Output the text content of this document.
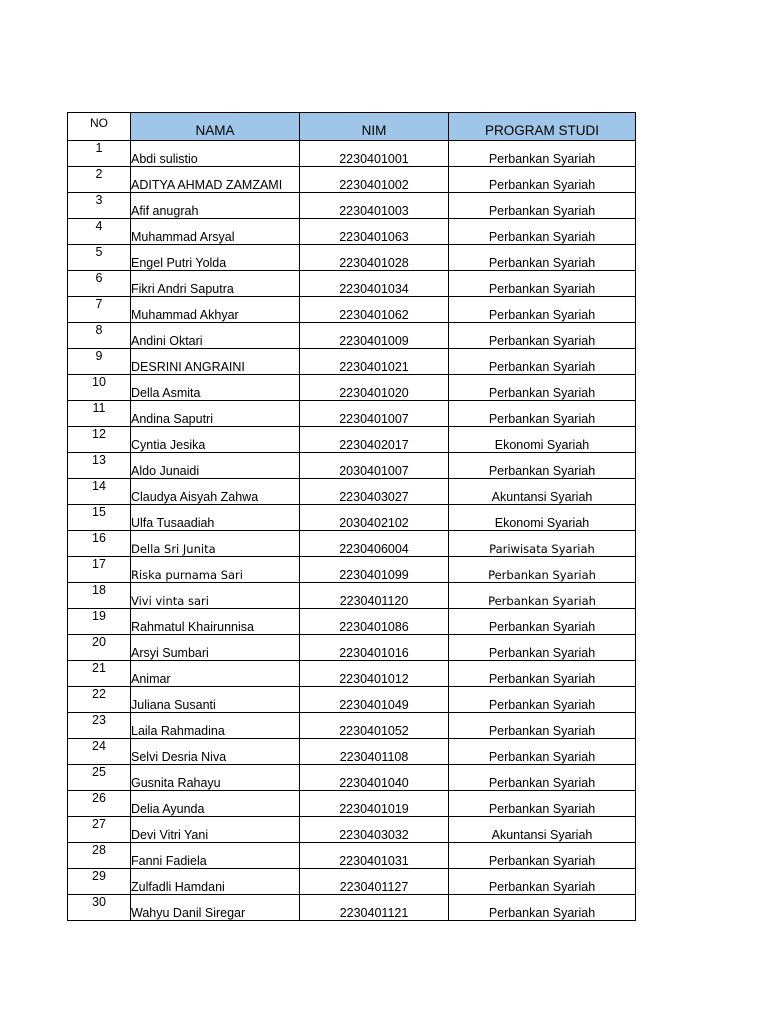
NO	NAMA	NIM	PROGRAM STUDI
1	Abdi sulistio	2230401001	Perbankan Syariah
2	ADITYA AHMAD ZAMZAMI	2230401002	Perbankan Syariah
3	Afif anugrah	2230401003	Perbankan Syariah
4	Muhammad Arsyal	2230401063	Perbankan Syariah
5	Engel Putri Yolda	2230401028	Perbankan Syariah
6	Fikri Andri Saputra	2230401034	Perbankan Syariah
7	Muhammad Akhyar	2230401062	Perbankan Syariah
8	Andini Oktari	2230401009	Perbankan Syariah
9	DESRINI ANGRAINI	2230401021	Perbankan Syariah
10	Della Asmita	2230401020	Perbankan Syariah
11	Andina Saputri	2230401007	Perbankan Syariah
12	Cyntia Jesika	2230402017	Ekonomi Syariah
13	Aldo Junaidi	2030401007	Perbankan Syariah
14	Claudya Aisyah Zahwa	2230403027	Akuntansi Syariah
15	Ulfa Tusaadiah	2030402102	Ekonomi Syariah
16	Della Sri Junita	2230406004	Pariwisata Syariah
17	Riska purnama Sari	2230401099	Perbankan Syariah
18	Vivi vinta sari	2230401120	Perbankan Syariah
19	Rahmatul Khairunnisa	2230401086	Perbankan Syariah
20	Arsyi Sumbari	2230401016	Perbankan Syariah
21	Animar	2230401012	Perbankan Syariah
22	Juliana Susanti	2230401049	Perbankan Syariah
23	Laila Rahmadina	2230401052	Perbankan Syariah
24	Selvi Desria Niva	2230401108	Perbankan Syariah
25	Gusnita Rahayu	2230401040	Perbankan Syariah
26	Delia Ayunda	2230401019	Perbankan Syariah
27	Devi Vitri Yani	2230403032	Akuntansi Syariah
28	Fanni Fadiela	2230401031	Perbankan Syariah
29	Zulfadli Hamdani	2230401127	Perbankan Syariah
30	Wahyu Danil Siregar	2230401121	Perbankan Syariah
